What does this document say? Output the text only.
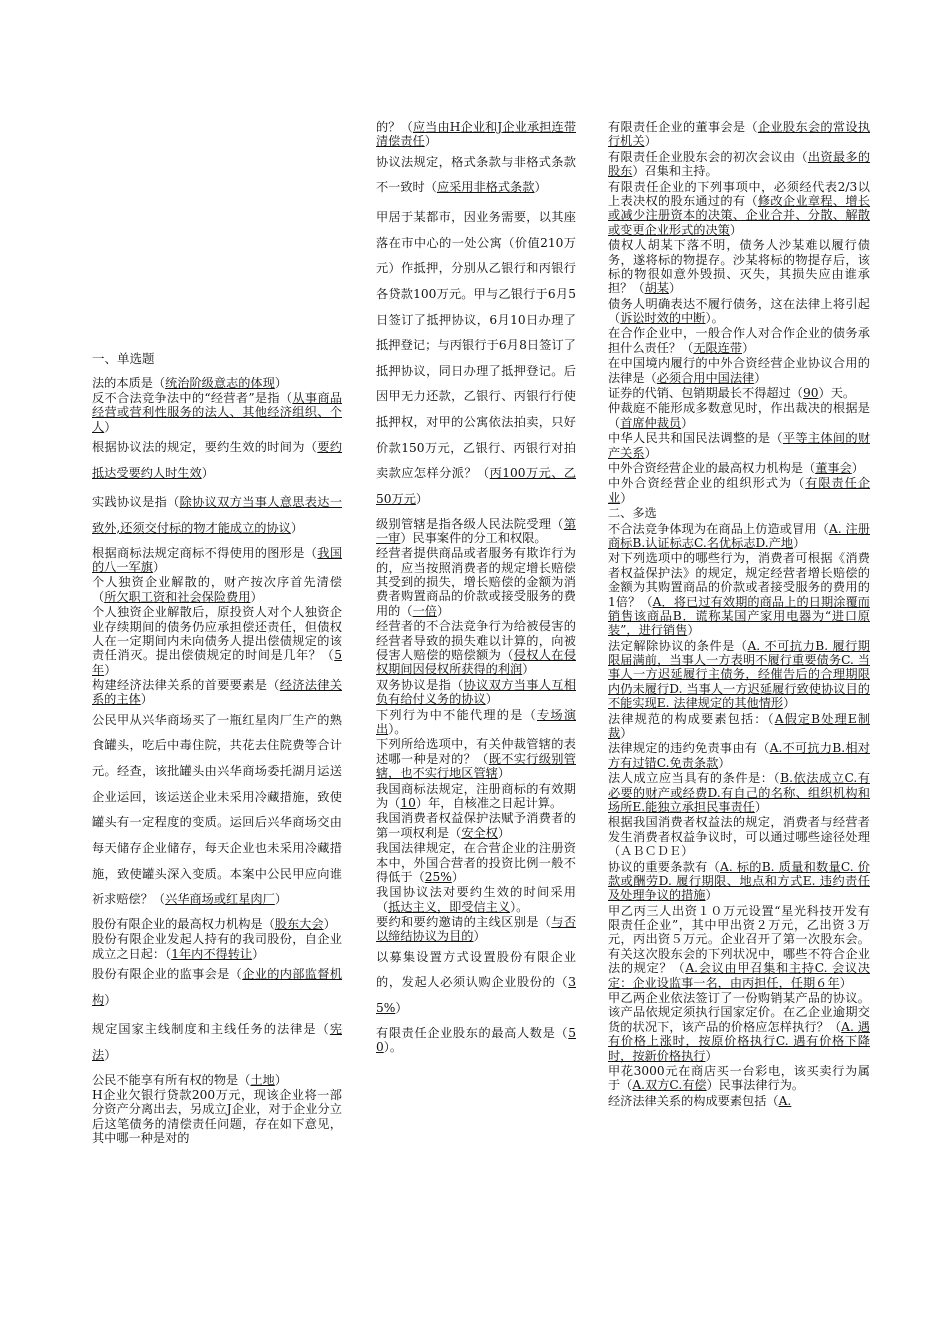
一、单选题
法的本质是（统治阶级意志的体现）
反不合法竞争法中的“经营者”是指（从事商品经营或营利性服务的法人、其他经济组织、个人）
根据协议法的规定，要约生效的时间为（要约抵达受要约人时生效）
实践协议是指（除协议双方当事人意思表达一致外,还须交付标的物才能成立的协议）
根据商标法规定商标不得使用的图形是（我国的八一军旗）
个人独资企业解散的，财产按次序首先清偿（所欠职工资和社会保险费用）
个人独资企业解散后，原投资人对个人独资企业存续期间的债务仍应承担偿还责任，但债权人在一定期间内未向债务人提出偿债规定的该责任消灭。提出偿债规定的时间是几年？（5年）
构建经济法律关系的首要要素是（经济法律关系的主体）
公民甲从兴华商场买了一瓶红星肉厂生产的熟食罐头，吃后中毒住院，共花去住院费等合计元。经查，该批罐头由兴华商场委托湖月运送企业运回，该运送企业未采用冷藏措施，致使罐头有一定程度的变质。运回后兴华商场交由每天储存企业储存，每天企业也未采用冷藏措施，致使罐头深入变质。本案中公民甲应向谁祈求赔偿？（兴华商场或红星肉厂）
股份有限企业的最高权力机构是（股东大会）
股份有限企业发起人持有的我司股份，自企业成立之日起：（1年内不得转让）
股份有限企业的监事会是（企业的内部监督机构）
规定国家主线制度和主线任务的法律是（宪法）
公民不能享有所有权的物是（土地）
H企业欠银行贷款200万元，现该企业将一部分资产分离出去，另成立J企业，对于企业分立后这笔债务的清偿责任问题，存在如下意见，其中哪一种是对的
的？（应当由H企业和J企业承担连带清偿责任）
协议法规定，格式条款与非格式条款不一致时（应采用非格式条款）
甲居于某都市，因业务需要，以其座落在市中心的一处公寓（价值210万元）作抵押，分别从乙银行和丙银行各贷款100万元。甲与乙银行于6月5日签订了抵押协议，6月10日办理了抵押登记；与丙银行于6月8日签订了抵押协议，同日办理了抵押登记。后因甲无力还款，乙银行、丙银行行使抵押权，对甲的公寓依法拍卖，只好价款150万元，乙银行、丙银行对拍卖款应怎样分派？（丙100万元、乙50万元）
级别管辖是指各级人民法院受理（第一审）民事案件的分工和权限。
经营者提供商品或者服务有欺诈行为的，应当按照消费者的规定增长赔偿其受到的损失，增长赔偿的金额为消费者购置商品的价款或接受服务的费用的（一倍）
经营者的不合法竞争行为给被侵害的经营者导致的损失难以计算的，向被侵害人赔偿的赔偿额为（侵权人在侵权期间因侵权所获得的利润）
双务协议是指（协议双方当事人互相负有给付义务的协议）
下列行为中不能代理的是（专场演出）。
下列所给选项中，有关仲裁管辖的表述哪一种是对的？（既不实行级别管辖，也不实行地区管辖）
我国商标法规定，注册商标的有效期为（10）年，自核准之日起计算。
我国消费者权益保护法赋予消费者的第一项权利是（安全权）
我国法律规定，在合营企业的注册资本中，外国合营者的投资比例一般不得低于（25%）
我国协议法对要约生效的时间采用（抵达主义，即受信主义）。
要约和要约邀请的主线区别是（与否以缔结协议为目的）
以募集设置方式设置股份有限企业的，发起人必须认购企业股份的（35%）
有限责任企业股东的最高人数是（50）。
有限责任企业的董事会是（企业股东会的常设执行机关）
有限责任企业股东会的初次会议由（出资最多的股东）召集和主持。
有限责任企业的下列事项中，必须经代表2/3以上表决权的股东通过的有（修改企业章程、增长或减少注册资本的决策、企业合并、分散、解散或变更企业形式的决策）
债权人胡某下落不明，债务人沙某难以履行债务，遂将标的物提存。沙某将标的物提存后，该标的物很如意外毁损、灭失，其损失应由谁承担？（胡某）
债务人明确表达不履行债务，这在法律上将引起（诉讼时效的中断）。
在合作企业中，一般合作人对合作企业的债务承担什么责任？（无限连带）
在中国境内履行的中外合资经营企业协议合用的法律是（必须合用中国法律）
证券的代销、包销期最长不得超过（90）天。
仲裁庭不能形成多数意见时，作出裁决的根据是（首席仲裁员）
中华人民共和国民法调整的是（平等主体间的财产关系）
中外合资经营企业的最高权力机构是（董事会）
中外合资经营企业的组织形式为（有限责任企业）
二、多选
不合法竞争体现为在商品上仿造或冒用（A. 注册商标B.认证标志C.名优标志D.产地）
对下列选项中的哪些行为，消费者可根据《消费者权益保护法》的规定，规定经营者增长赔偿的金额为其购置商品的价款或者接受服务的费用的1倍？（A．将已过有效期的商品上的日期涂覆而销售该商品B．谎称某国产家用电器为“进口原装”，进行销售）
法定解除协议的条件是（A. 不可抗力B. 履行期限届满前，当事人一方表明不履行重要债务C. 当事人一方迟延履行主债务，经催告后的合理期限内仍未履行D. 当事人一方迟延履行致使协议目的不能实现E. 法律规定的其他情形）
法律规范的构成要素包括：（A假定B处理E制裁）
法律规定的违约免责事由有（A.不可抗力B.相对方有过错C.免责条款）
法人成立应当具有的条件是：（B.依法成立C.有必要的财产或经费D.有自己的名称、组织机构和场所E.能独立承担民事责任）
根据我国消费者权益法的规定，消费者与经营者发生消费者权益争议时，可以通过哪些途径处理（ＡＢＣＤＥ）
协议的重要条款有（A. 标的B. 质量和数量C. 价款或酬劳D. 履行期限、地点和方式E. 违约责任及处理争议的措施）
甲乙丙三人出资１０万元设置“星光科技开发有限责任企业”，其中甲出资２万元，乙出资３万元，丙出资５万元。企业召开了第一次股东会。有关这次股东会的下列状况中，哪些不符合企业法的规定？（A.会议由甲召集和主持C. 会议决定：企业设监事一名，由丙担任，任期６年）
甲乙两企业依法签订了一份购销某产品的协议。该产品依规定须执行国家定价。在乙企业逾期交货的状况下，该产品的价格应怎样执行？（A. 遇有价格上涨时，按原价格执行C. 遇有价格下降时，按新价格执行）
甲花3000元在商店买一台彩电，该买卖行为属于（A.双方C.有偿）民事法律行为。
经济法律关系的构成要素包括（A.
